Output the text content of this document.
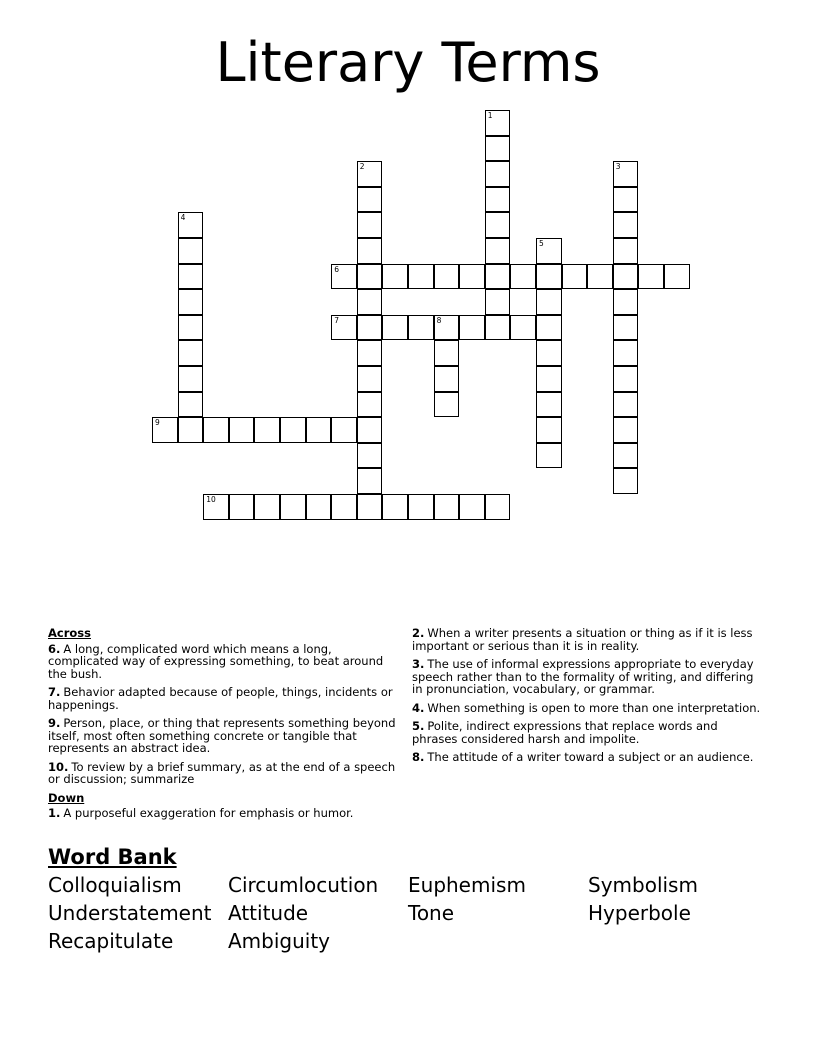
Literary Terms
1
2	3
4
5
6
7	8
9
10
Across
6. A long, complicated word which means a long, complicated way of expressing something, to beat around the bush.
7. Behavior adapted because of people, things, incidents or happenings.
9. Person, place, or thing that represents something beyond itself, most often something concrete or tangible that represents an abstract idea.
10. To review by a brief summary, as at the end of a speech or discussion; summarize
Down
1. A purposeful exaggeration for emphasis or humor.
2. When a writer presents a situation or thing as if it is less important or serious than it is in reality.
3. The use of informal expressions appropriate to everyday speech rather than to the formality of writing, and differing in pronunciation, vocabulary, or grammar.
4. When something is open to more than one interpretation.
5. Polite, indirect expressions that replace words and phrases considered harsh and impolite.
8. The attitude of a writer toward a subject or an audience.
Word Bank
Colloquialism	Circumlocution	Euphemism	Symbolism
Understatement Attitude	Tone	Hyperbole
Recapitulate	Ambiguity
